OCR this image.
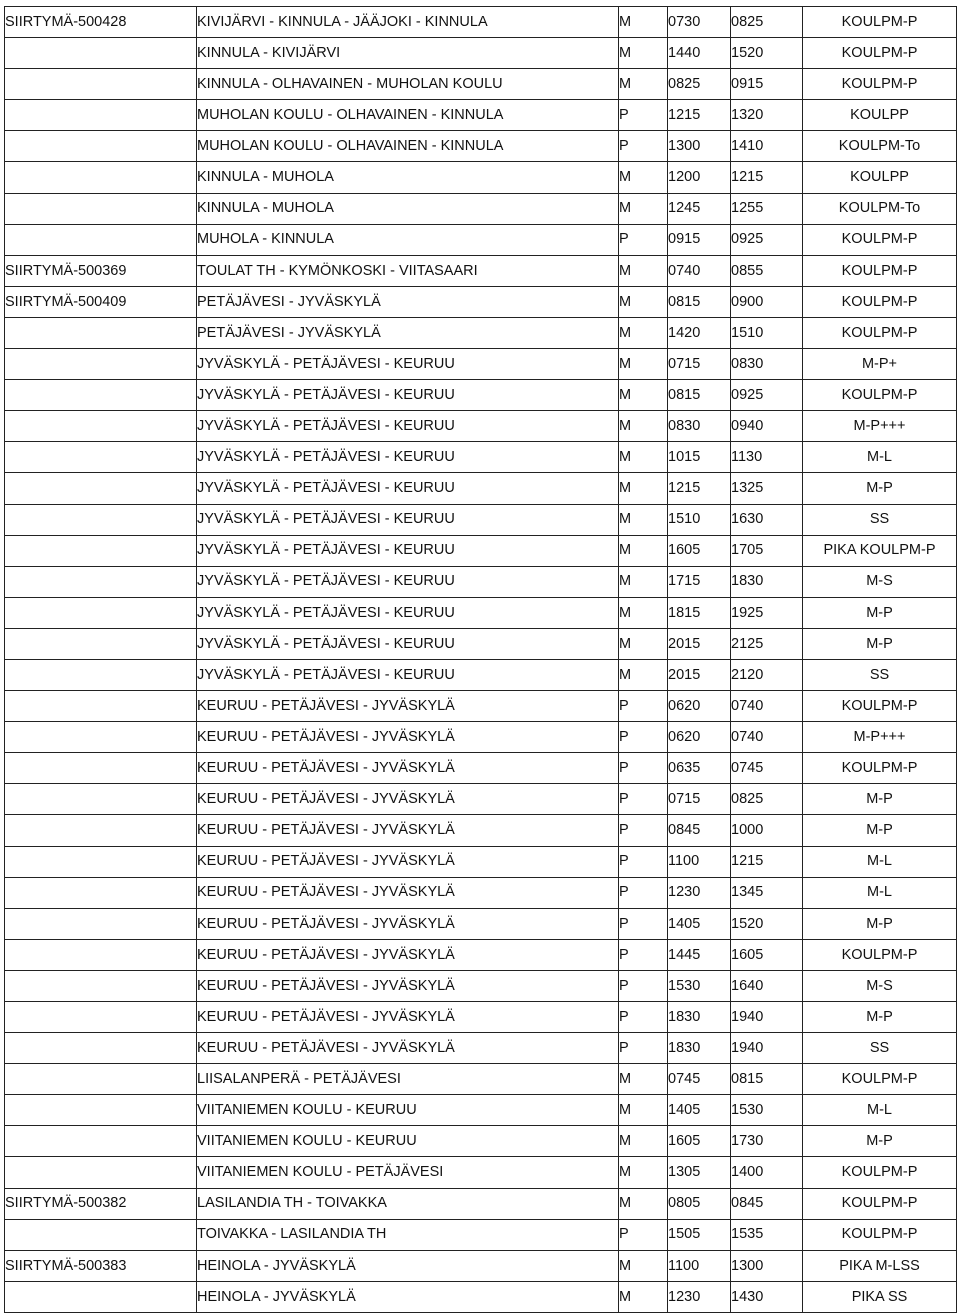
SIIRTYMÄ-500428	KIVIJÄRVI - KINNULA - JÄÄJOKI - KINNULA	M	0730	0825	KOULPM-P
	KINNULA - KIVIJÄRVI	M	1440	1520	KOULPM-P
	KINNULA - OLHAVAINEN - MUHOLAN KOULU	M	0825	0915	KOULPM-P
	MUHOLAN KOULU - OLHAVAINEN - KINNULA	P	1215	1320	KOULPP
	MUHOLAN KOULU - OLHAVAINEN - KINNULA	P	1300	1410	KOULPM-To
	KINNULA - MUHOLA	M	1200	1215	KOULPP
	KINNULA - MUHOLA	M	1245	1255	KOULPM-To
	MUHOLA - KINNULA	P	0915	0925	KOULPM-P
SIIRTYMÄ-500369	TOULAT TH - KYMÖNKOSKI - VIITASAARI	M	0740	0855	KOULPM-P
SIIRTYMÄ-500409	PETÄJÄVESI - JYVÄSKYLÄ	M	0815	0900	KOULPM-P
	PETÄJÄVESI - JYVÄSKYLÄ	M	1420	1510	KOULPM-P
	JYVÄSKYLÄ - PETÄJÄVESI - KEURUU	M	0715	0830	M-P+
	JYVÄSKYLÄ - PETÄJÄVESI - KEURUU	M	0815	0925	KOULPM-P
	JYVÄSKYLÄ - PETÄJÄVESI - KEURUU	M	0830	0940	M-P+++
	JYVÄSKYLÄ - PETÄJÄVESI - KEURUU	M	1015	1130	M-L
	JYVÄSKYLÄ - PETÄJÄVESI - KEURUU	M	1215	1325	M-P
	JYVÄSKYLÄ - PETÄJÄVESI - KEURUU	M	1510	1630	SS
	JYVÄSKYLÄ - PETÄJÄVESI - KEURUU	M	1605	1705	PIKA KOULPM-P
	JYVÄSKYLÄ - PETÄJÄVESI - KEURUU	M	1715	1830	M-S
	JYVÄSKYLÄ - PETÄJÄVESI - KEURUU	M	1815	1925	M-P
	JYVÄSKYLÄ - PETÄJÄVESI - KEURUU	M	2015	2125	M-P
	JYVÄSKYLÄ - PETÄJÄVESI - KEURUU	M	2015	2120	SS
	KEURUU - PETÄJÄVESI - JYVÄSKYLÄ	P	0620	0740	KOULPM-P
	KEURUU - PETÄJÄVESI - JYVÄSKYLÄ	P	0620	0740	M-P+++
	KEURUU - PETÄJÄVESI - JYVÄSKYLÄ	P	0635	0745	KOULPM-P
	KEURUU - PETÄJÄVESI - JYVÄSKYLÄ	P	0715	0825	M-P
	KEURUU - PETÄJÄVESI - JYVÄSKYLÄ	P	0845	1000	M-P
	KEURUU - PETÄJÄVESI - JYVÄSKYLÄ	P	1100	1215	M-L
	KEURUU - PETÄJÄVESI - JYVÄSKYLÄ	P	1230	1345	M-L
	KEURUU - PETÄJÄVESI - JYVÄSKYLÄ	P	1405	1520	M-P
	KEURUU - PETÄJÄVESI - JYVÄSKYLÄ	P	1445	1605	KOULPM-P
	KEURUU - PETÄJÄVESI - JYVÄSKYLÄ	P	1530	1640	M-S
	KEURUU - PETÄJÄVESI - JYVÄSKYLÄ	P	1830	1940	M-P
	KEURUU - PETÄJÄVESI - JYVÄSKYLÄ	P	1830	1940	SS
	LIISALANPERÄ - PETÄJÄVESI	M	0745	0815	KOULPM-P
	VIITANIEMEN KOULU - KEURUU	M	1405	1530	M-L
	VIITANIEMEN KOULU - KEURUU	M	1605	1730	M-P
	VIITANIEMEN KOULU - PETÄJÄVESI	M	1305	1400	KOULPM-P
SIIRTYMÄ-500382	LASILANDIA TH - TOIVAKKA	M	0805	0845	KOULPM-P
	TOIVAKKA - LASILANDIA TH	P	1505	1535	KOULPM-P
SIIRTYMÄ-500383	HEINOLA - JYVÄSKYLÄ	M	1100	1300	PIKA M-LSS
	HEINOLA - JYVÄSKYLÄ	M	1230	1430	PIKA SS
